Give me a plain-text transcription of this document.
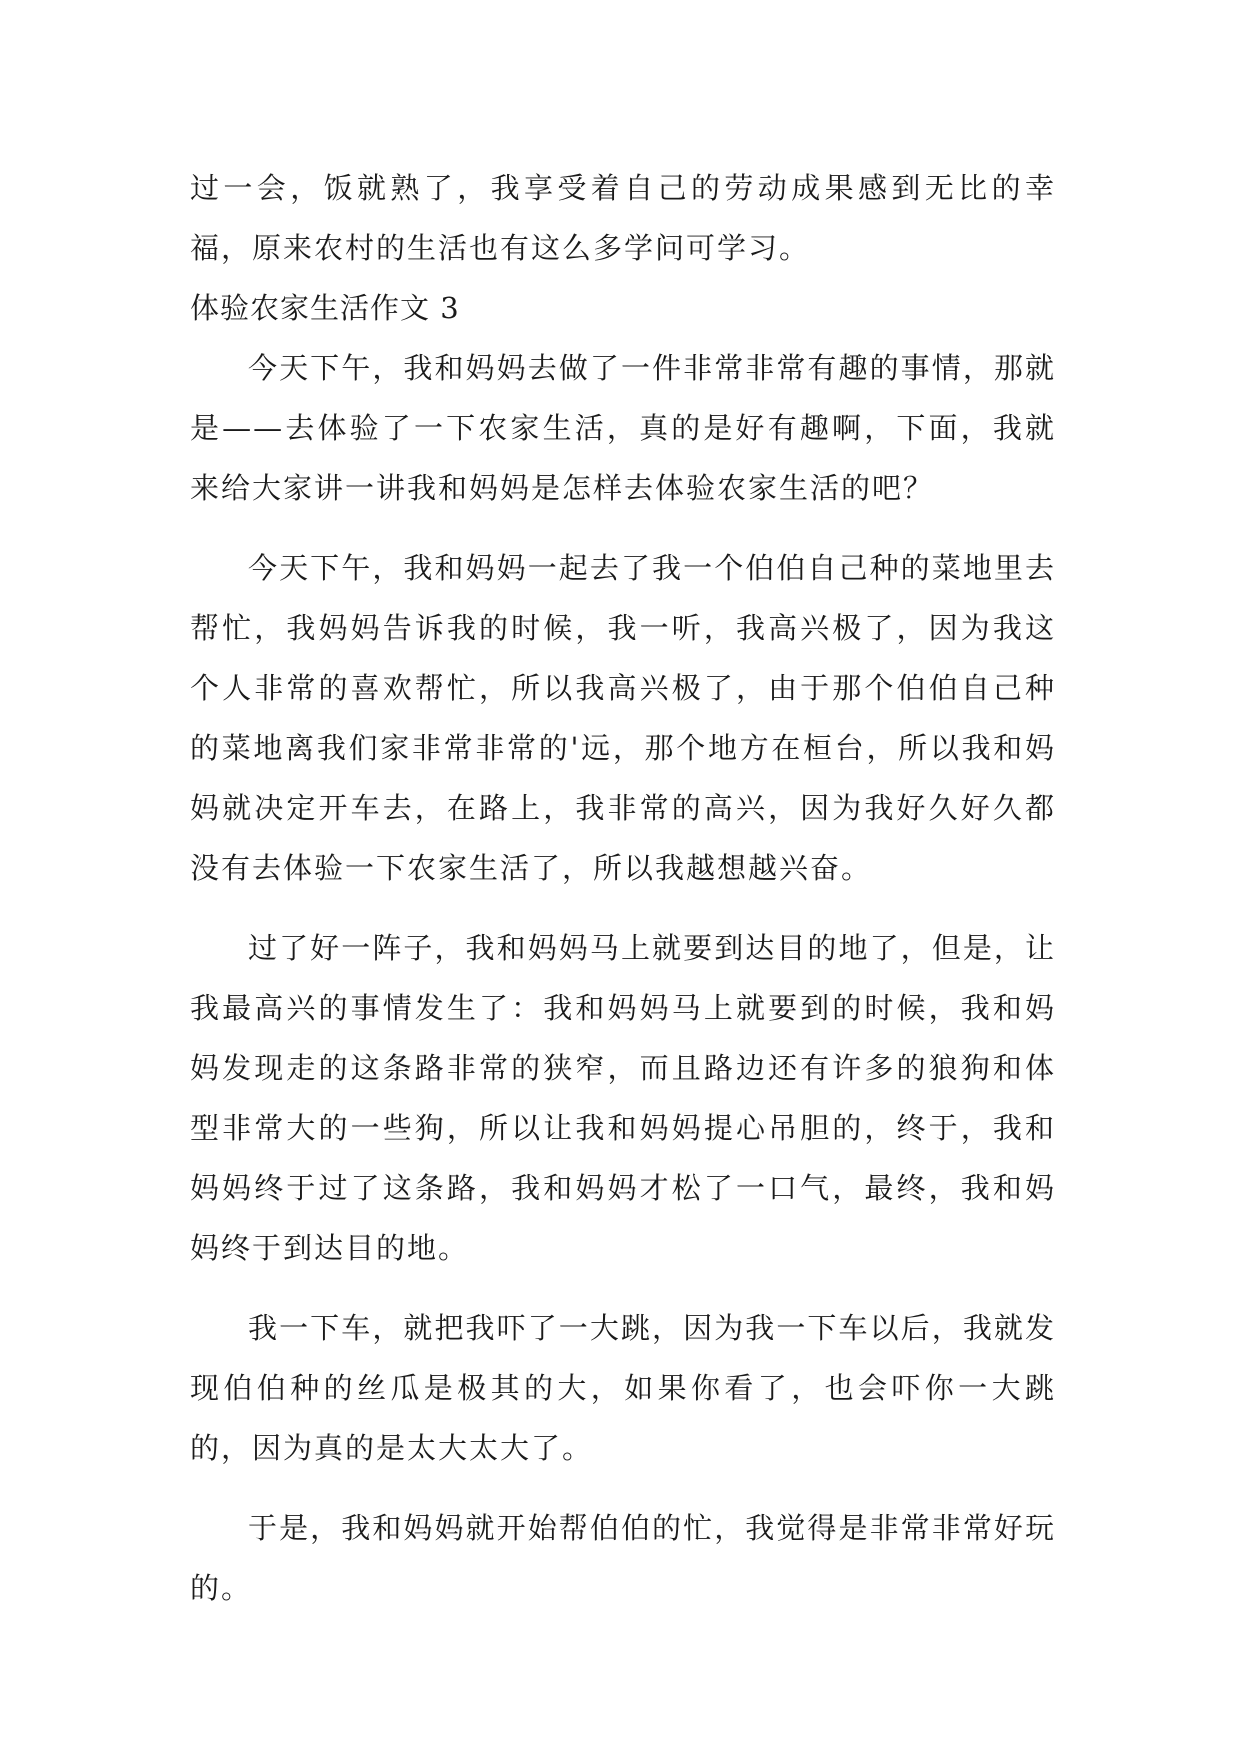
过一会，饭就熟了，我享受着自己的劳动成果感到无比的幸福，原来农村的生活也有这么多学问可学习。

体验农家生活作文 3

今天下午，我和妈妈去做了一件非常非常有趣的事情，那就是——去体验了一下农家生活，真的是好有趣啊，下面，我就来给大家讲一讲我和妈妈是怎样去体验农家生活的吧？

今天下午，我和妈妈一起去了我一个伯伯自己种的菜地里去帮忙，我妈妈告诉我的时候，我一听，我高兴极了，因为我这个人非常的喜欢帮忙，所以我高兴极了，由于那个伯伯自己种的菜地离我们家非常非常的'远，那个地方在桓台，所以我和妈妈就决定开车去，在路上，我非常的高兴，因为我好久好久都没有去体验一下农家生活了，所以我越想越兴奋。

过了好一阵子，我和妈妈马上就要到达目的地了，但是，让我最高兴的事情发生了：我和妈妈马上就要到的时候，我和妈妈发现走的这条路非常的狭窄，而且路边还有许多的狼狗和体型非常大的一些狗，所以让我和妈妈提心吊胆的，终于，我和妈妈终于过了这条路，我和妈妈才松了一口气，最终，我和妈妈终于到达目的地。

我一下车，就把我吓了一大跳，因为我一下车以后，我就发现伯伯种的丝瓜是极其的大，如果你看了，也会吓你一大跳的，因为真的是太大太大了。

于是，我和妈妈就开始帮伯伯的忙，我觉得是非常非常好玩的。
